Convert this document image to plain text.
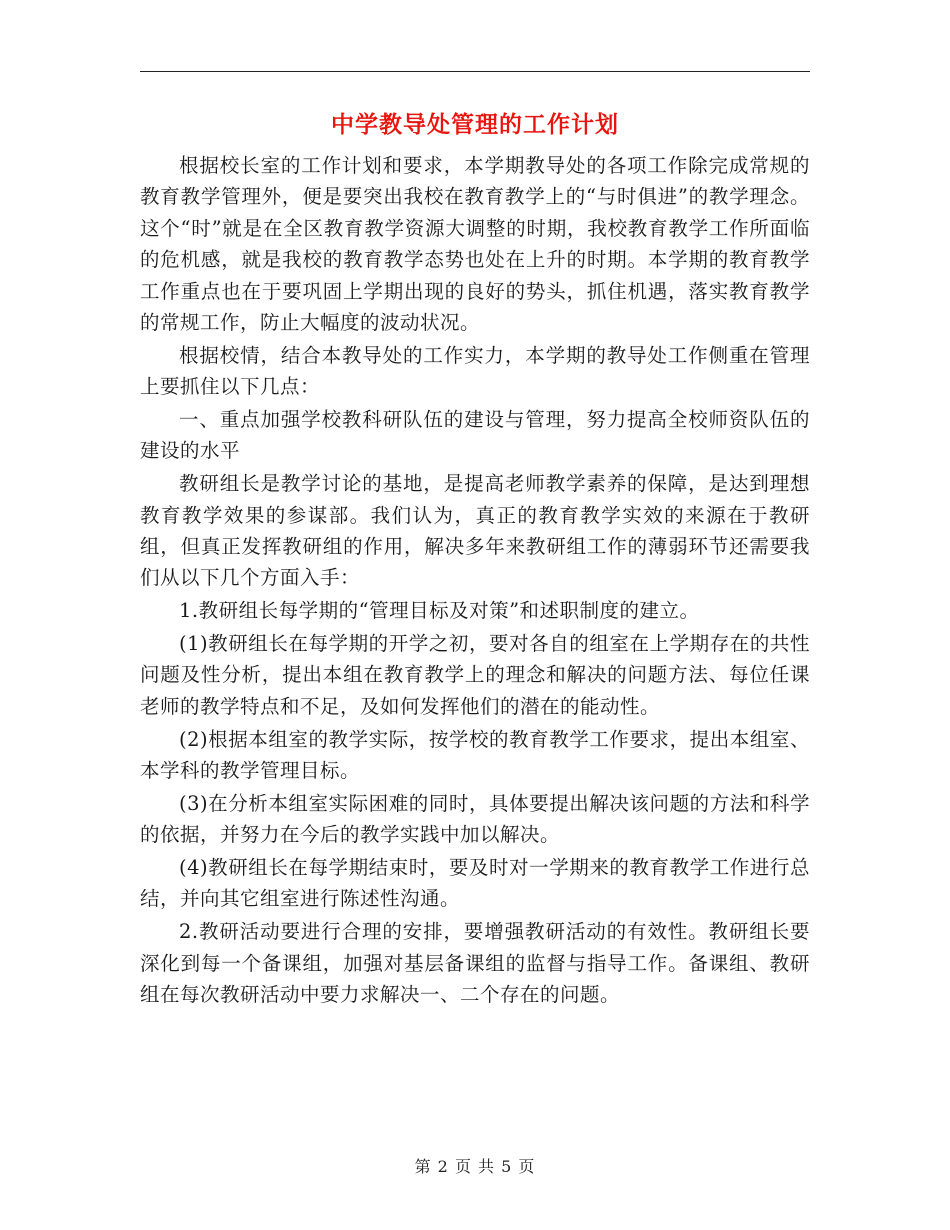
中学教导处管理的工作计划

根据校长室的工作计划和要求，本学期教导处的各项工作除完成常规的教育教学管理外，便是要突出我校在教育教学上的“与时俱进”的教学理念。这个“时”就是在全区教育教学资源大调整的时期，我校教育教学工作所面临的危机感，就是我校的教育教学态势也处在上升的时期。本学期的教育教学工作重点也在于要巩固上学期出现的良好的势头，抓住机遇，落实教育教学的常规工作，防止大幅度的波动状况。

根据校情，结合本教导处的工作实力，本学期的教导处工作侧重在管理上要抓住以下几点：

一、重点加强学校教科研队伍的建设与管理，努力提高全校师资队伍的建设的水平

教研组长是教学讨论的基地，是提高老师教学素养的保障，是达到理想教育教学效果的参谋部。我们认为，真正的教育教学实效的来源在于教研组，但真正发挥教研组的作用，解决多年来教研组工作的薄弱环节还需要我们从以下几个方面入手：

1.教研组长每学期的“管理目标及对策”和述职制度的建立。

(1)教研组长在每学期的开学之初，要对各自的组室在上学期存在的共性问题及性分析，提出本组在教育教学上的理念和解决的问题方法、每位任课老师的教学特点和不足，及如何发挥他们的潜在的能动性。

(2)根据本组室的教学实际，按学校的教育教学工作要求，提出本组室、本学科的教学管理目标。

(3)在分析本组室实际困难的同时，具体要提出解决该问题的方法和科学的依据，并努力在今后的教学实践中加以解决。

(4)教研组长在每学期结束时，要及时对一学期来的教育教学工作进行总结，并向其它组室进行陈述性沟通。

2.教研活动要进行合理的安排，要增强教研活动的有效性。教研组长要深化到每一个备课组，加强对基层备课组的监督与指导工作。备课组、教研组在每次教研活动中要力求解决一、二个存在的问题。

第 2 页 共 5 页
